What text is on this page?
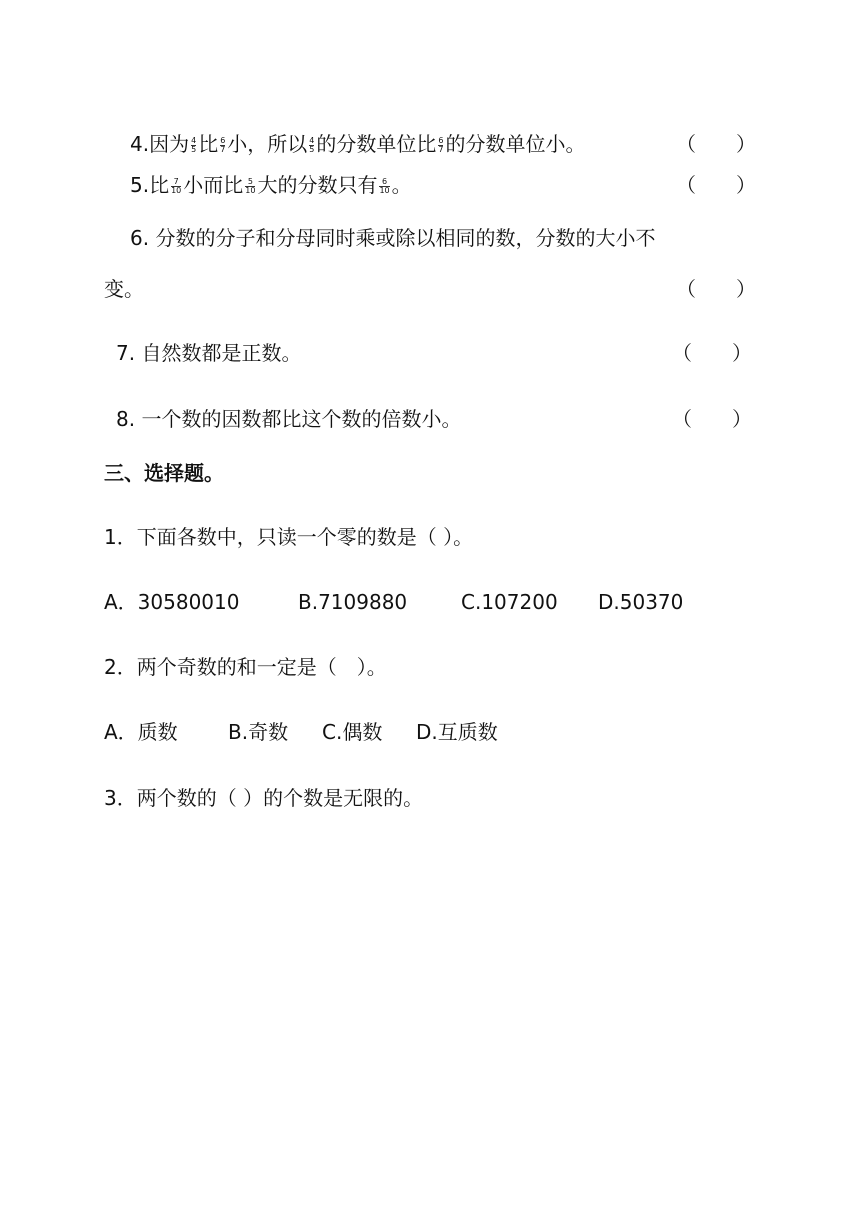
4.因为 $\frac{4}{5}$ 比 $\frac{6}{7}$ 小，所以 $\frac{4}{5}$ 的分数单位比 $\frac{6}{7}$ 的分数单位小。	（　　）
5.比 $\frac{7}{10}$ 小而比 $\frac{5}{10}$ 大的分数只有 $\frac{6}{10}$ 。	（　　）
6. 分数的分子和分母同时乘或除以相同的数，分数的大小不
变。	（　　）
7. 自然数都是正数。	（　　）
8. 一个数的因数都比这个数的倍数小。	（　　）
三、选择题。
1．下面各数中，只读一个零的数是（ ）。
A．30580010	B.7109880	C.107200 D.50370
2．两个奇数的和一定是（　）。
A．质数	B.奇数 C.偶数 D.互质数
3．两个数的（ ）的个数是无限的。
